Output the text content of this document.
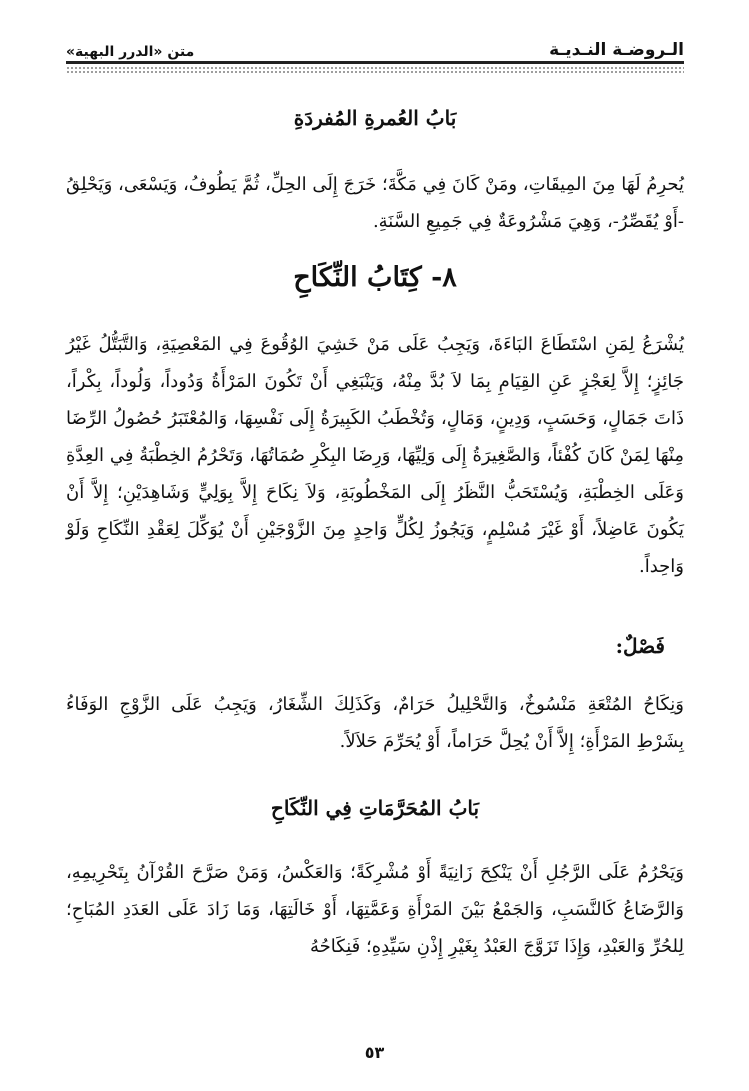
الـروضـة النـديـة
متن «الدرر البهية»
بَابُ العُمرةِ المُفردَةِ
يُحرِمُ لَهَا مِنَ المِيقَاتِ، ومَنْ كَانَ فِي مَكَّةَ؛ خَرَجَ إِلَى الحِلِّ، ثُمَّ يَطُوفُ، وَيَسْعَى، وَيَحْلِقُ -أَوْ يُقَصِّرُ-، وَهِيَ مَشْرُوعَةٌ فِي جَمِيعِ السَّنَةِ.
٨- كِتَابُ النِّكَاحِ
يُشْرَعُ لِمَنِ اسْتَطَاعَ البَاءَةَ، وَيَجِبُ عَلَى مَنْ خَشِيَ الوُقُوعَ فِي المَعْصِيَةِ، وَالتَّبَتُّلُ غَيْرُ جَائِزٍ؛ إِلاَّ لِعَجْزٍ عَنِ القِيَامِ بِمَا لاَ بُدَّ مِنْهُ، وَيَنْبَغِي أَنْ تَكُونَ المَرْأَةُ وَدُوداً، وَلُوداً، بِكْراً، ذَاتَ جَمَالٍ، وَحَسَبٍ، وَدِينٍ، وَمَالٍ، وَتُخْطَبُ الكَبِيرَةُ إِلَى نَفْسِهَا، وَالمُعْتَبَرُ حُصُولُ الرِّضَا مِنْهَا لِمَنْ كَانَ كُفْئاً، وَالصَّغِيرَةُ إِلَى وَلِيِّهَا، وَرِضَا البِكْرِ صُمَاتُهَا، وَتَحْرُمُ الخِطْبَةُ فِي العِدَّةِ وَعَلَى الخِطْبَةِ، وَيُسْتَحَبُّ النَّظَرُ إِلَى المَخْطُوبَةِ، وَلاَ نِكَاحَ إِلاَّ بِوَلِيٍّ وَشَاهِدَيْنِ؛ إِلاَّ أَنْ يَكُونَ عَاضِلاً، أَوْ غَيْرَ مُسْلِمٍ، وَيَجُوزُ لِكُلٍّ وَاحِدٍ مِنَ الزَّوْجَيْنِ أَنْ يُوَكِّلَ لِعَقْدِ النِّكَاحِ وَلَوْ وَاحِداً.
فَصْلٌ:
وَنِكَاحُ المُتْعَةِ مَنْسُوخٌ، وَالتَّحْلِيلُ حَرَامٌ، وَكَذَلِكَ الشِّغَارُ، وَيَجِبُ عَلَى الزَّوْجِ الوَفَاءُ بِشَرْطِ المَرْأَةِ؛ إِلاَّ أَنْ يُحِلَّ حَرَاماً، أَوْ يُحَرِّمَ حَلاَلاً.
بَابُ المُحَرَّمَاتِ فِي النِّكَاحِ
وَيَحْرُمُ عَلَى الرَّجُلِ أَنْ يَنْكِحَ زَانِيَةً أَوْ مُشْرِكَةً؛ وَالعَكْسُ، وَمَنْ صَرَّحَ القُرْآنُ بِتَحْرِيمِهِ، وَالرَّضَاعُ كَالنَّسَبِ، وَالجَمْعُ بَيْنَ المَرْأَةِ وَعَمَّتِهَا، أَوْ خَالَتِهَا، وَمَا زَادَ عَلَى العَدَدِ المُبَاحِ؛ لِلحُرِّ وَالعَبْدِ، وَإِذَا تَزَوَّجَ العَبْدُ بِغَيْرِ إِذْنِ سَيِّدِهِ؛ فَنِكَاحُهُ
٥٣
